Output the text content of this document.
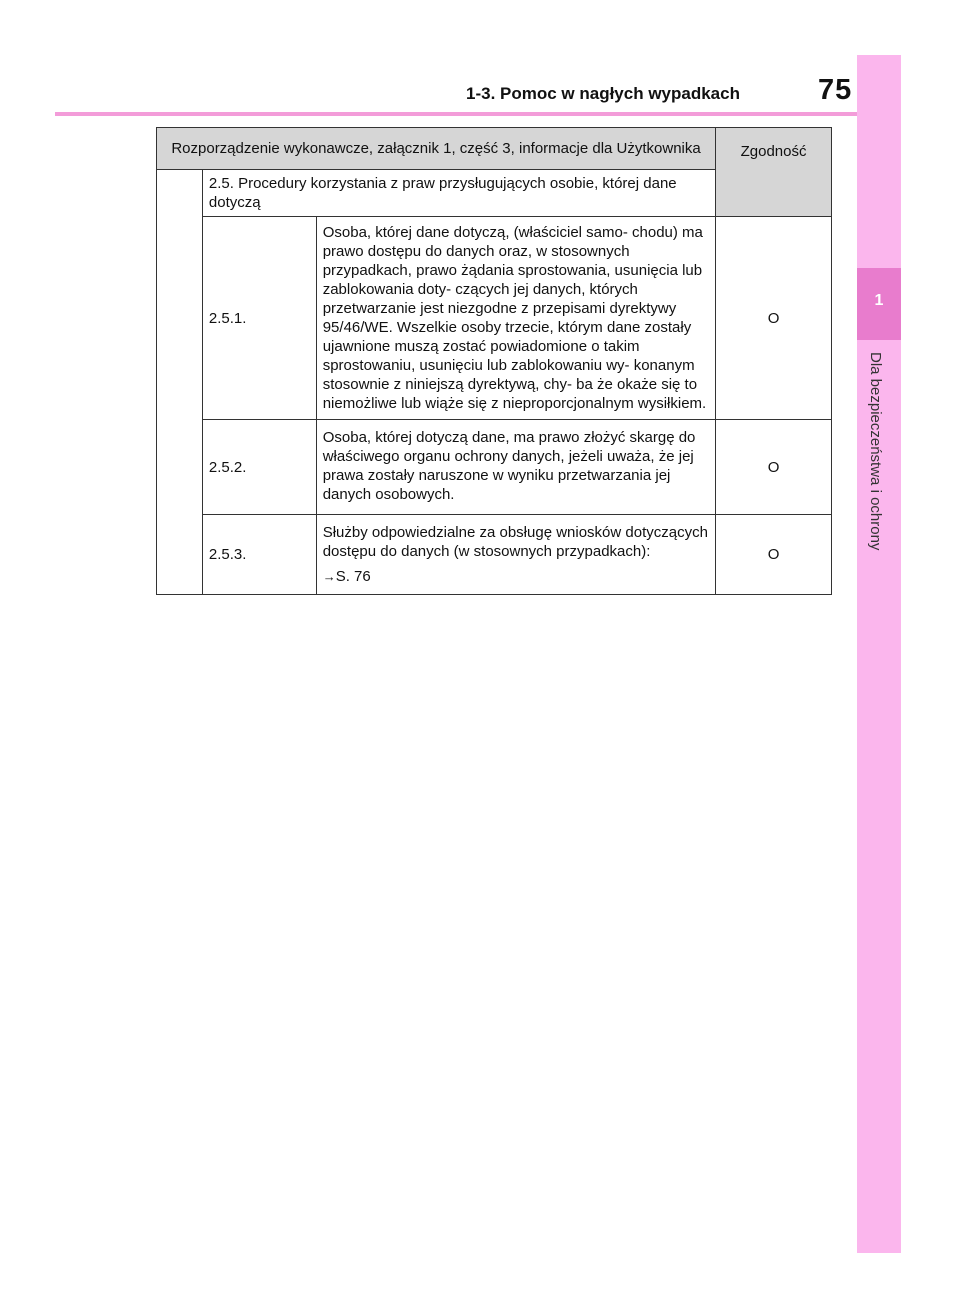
1
Dla bezpieczeństwa i ochrony
1-3. Pomoc w nagłych wypadkach	75
Rozporządzenie wykonawcze, załącznik 1, część 3, informacje dla Użytkownika			Zgodność
	2.5. Procedury korzystania z praw przysługujących osobie, której dane dotyczą		
	2.5.1.	Osoba, której dane dotyczą, (właściciel samo- chodu) ma prawo dostępu do danych oraz, w stosownych przypadkach, prawo żądania sprostowania, usunięcia lub zablokowania doty- czących jej danych, których przetwarzanie jest niezgodne z przepisami dyrektywy 95/46/WE. Wszelkie osoby trzecie, którym dane zostały ujawnione muszą zostać powiadomione o takim sprostowaniu, usunięciu lub zablokowaniu wy- konanym stosownie z niniejszą dyrektywą, chy- ba że okaże się to niemożliwe lub wiąże się z nieproporcjonalnym wysiłkiem.	O
	2.5.2.	Osoba, której dotyczą dane, ma prawo złożyć skargę do właściwego organu ochrony danych, jeżeli uważa, że jej prawa zostały naruszone w wyniku przetwarzania jej danych osobowych.	O
	2.5.3.	Służby odpowiedzialne za obsługę wniosków dotyczących dostępu do danych (w stosownych przypadkach):

→S. 76	O
